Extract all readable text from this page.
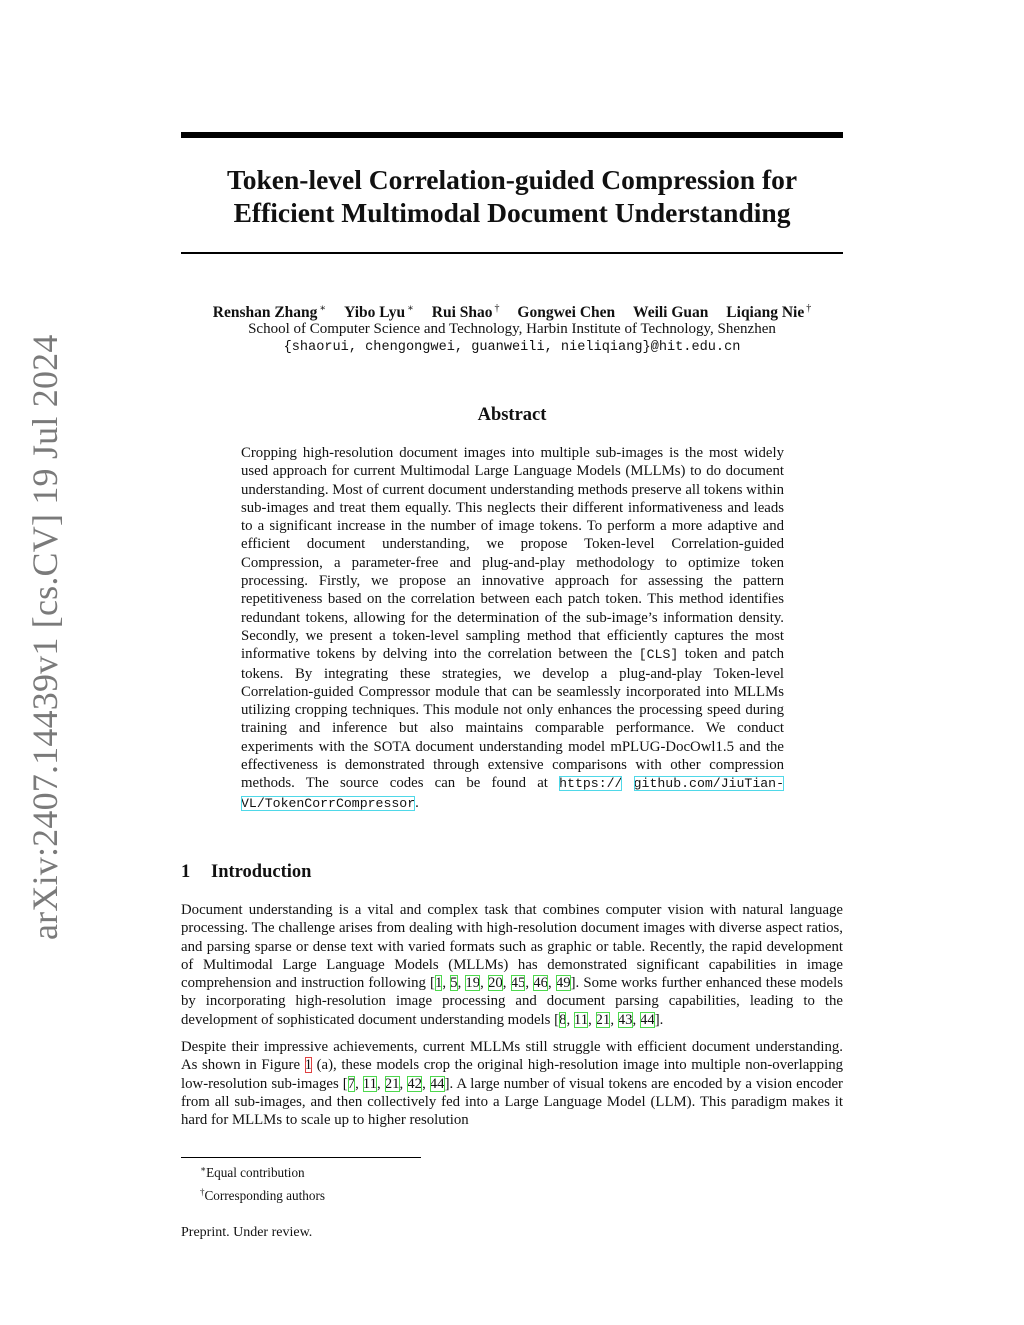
arXiv:2407.14439v1 [cs.CV] 19 Jul 2024
Token-level Correlation-guided Compression for
Efficient Multimodal Document Understanding
Renshan Zhang ∗ Yibo Lyu ∗ Rui Shao † Gongwei Chen Weili Guan Liqiang Nie †
School of Computer Science and Technology, Harbin Institute of Technology, Shenzhen
{shaorui, chengongwei, guanweili, nieliqiang}@hit.edu.cn
Abstract
Cropping high-resolution document images into multiple sub-images is the most widely used approach for current Multimodal Large Language Models (MLLMs) to do document understanding. Most of current document understanding methods preserve all tokens within sub-images and treat them equally. This neglects their different informativeness and leads to a significant increase in the number of image tokens. To perform a more adaptive and efficient document understanding, we propose Token-level Correlation-guided Compression, a parameter-free and plug-and-play methodology to optimize token processing. Firstly, we propose an innovative approach for assessing the pattern repetitiveness based on the correlation between each patch token. This method identifies redundant tokens, allowing for the determination of the sub-image’s information density. Secondly, we present a token-level sampling method that efficiently captures the most informative tokens by delving into the correlation between the [CLS] token and patch tokens. By integrating these strategies, we develop a plug-and-play Token-level Correlation-guided Compressor module that can be seamlessly incorporated into MLLMs utilizing cropping techniques. This module not only enhances the processing speed during training and inference but also maintains comparable performance. We conduct experiments with the SOTA document understanding model mPLUG-DocOwl1.5 and the effectiveness is demonstrated through extensive comparisons with other compression methods. The source codes can be found at https:// github.com/JiuTian-VL/TokenCorrCompressor.
1 Introduction

Document understanding is a vital and complex task that combines computer vision with natural language processing. The challenge arises from dealing with high-resolution document images with diverse aspect ratios, and parsing sparse or dense text with varied formats such as graphic or table. Recently, the rapid development of Multimodal Large Language Models (MLLMs) has demonstrated significant capabilities in image comprehension and instruction following [1, 5, 19, 20, 45, 46, 49]. Some works further enhanced these models by incorporating high-resolution image processing and document parsing capabilities, leading to the development of sophisticated document understanding models [8, 11, 21, 43, 44].

Despite their impressive achievements, current MLLMs still struggle with efficient document understanding. As shown in Figure 1 (a), these models crop the original high-resolution image into multiple non-overlapping low-resolution sub-images [7, 11, 21, 42, 44]. A large number of visual tokens are encoded by a vision encoder from all sub-images, and then collectively fed into a Large Language Model (LLM). This paradigm makes it hard for MLLMs to scale up to higher resolution

∗Equal contribution
†Corresponding authors
Preprint. Under review.
